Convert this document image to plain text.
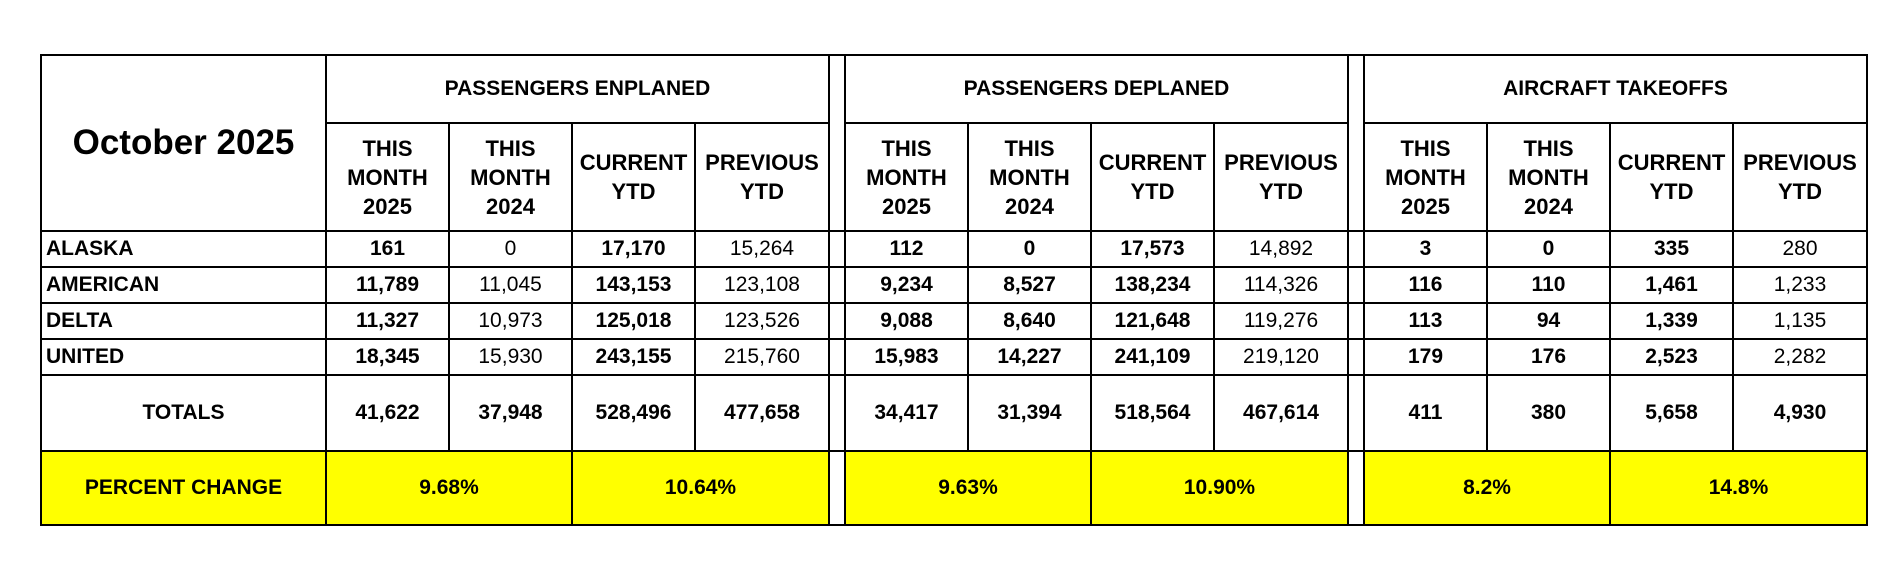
October 2025	PASSENGERS ENPLANED					PASSENGERS DEPLANED					AIRCRAFT TAKEOFFS			
	THIS
MONTH
2025	THIS
MONTH
2024	CURRENT
YTD	PREVIOUS
YTD		THIS
MONTH
2025	THIS
MONTH
2024	CURRENT
YTD	PREVIOUS
YTD		THIS
MONTH
2025	THIS
MONTH
2024	CURRENT
YTD	PREVIOUS
YTD
ALASKA	161	0	17,170	15,264		112	0	17,573	14,892		3	0	335	280
AMERICAN	11,789	11,045	143,153	123,108		9,234	8,527	138,234	114,326		116	110	1,461	1,233
DELTA	11,327	10,973	125,018	123,526		9,088	8,640	121,648	119,276		113	94	1,339	1,135
UNITED	18,345	15,930	243,155	215,760		15,983	14,227	241,109	219,120		179	176	2,523	2,282
TOTALS	41,622	37,948	528,496	477,658		34,417	31,394	518,564	467,614		411	380	5,658	4,930
PERCENT CHANGE	9.68%		10.64%			9.63%		10.90%			8.2%		14.8%	
